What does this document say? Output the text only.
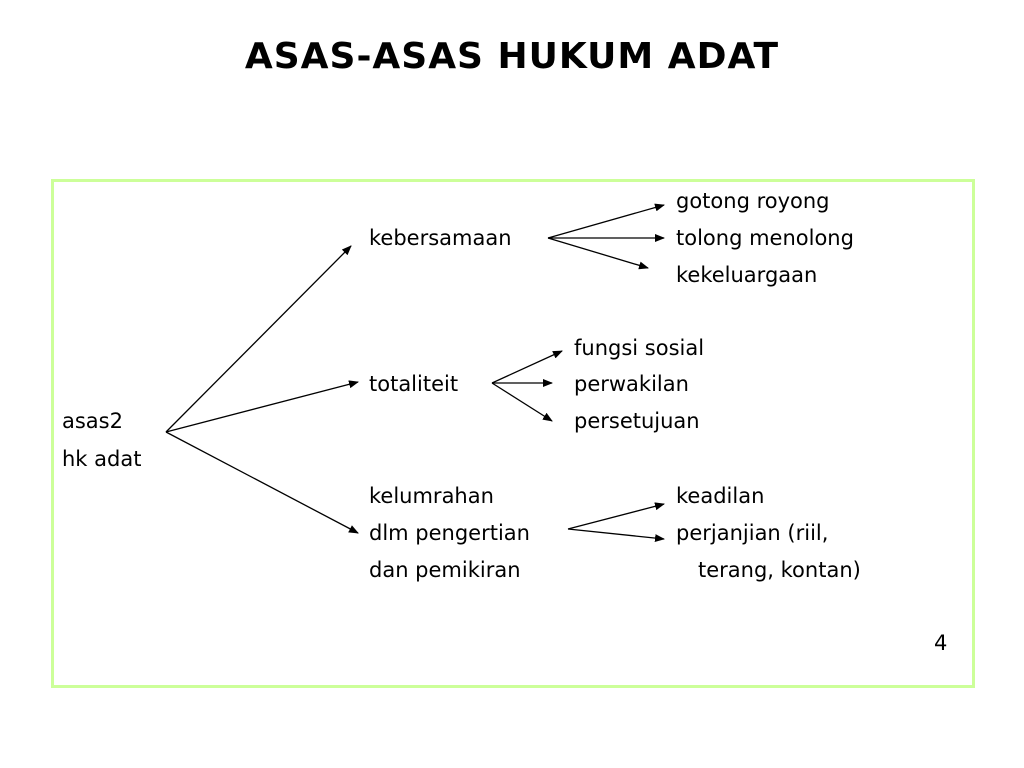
ASAS-ASAS HUKUM ADAT
asas2
hk adat
kebersamaan
gotong royong
tolong menolong
kekeluargaan
totaliteit
fungsi sosial
perwakilan
persetujuan
kelumrahan
dlm pengertian
dan pemikiran
keadilan
perjanjian (riil,
terang, kontan)
4
